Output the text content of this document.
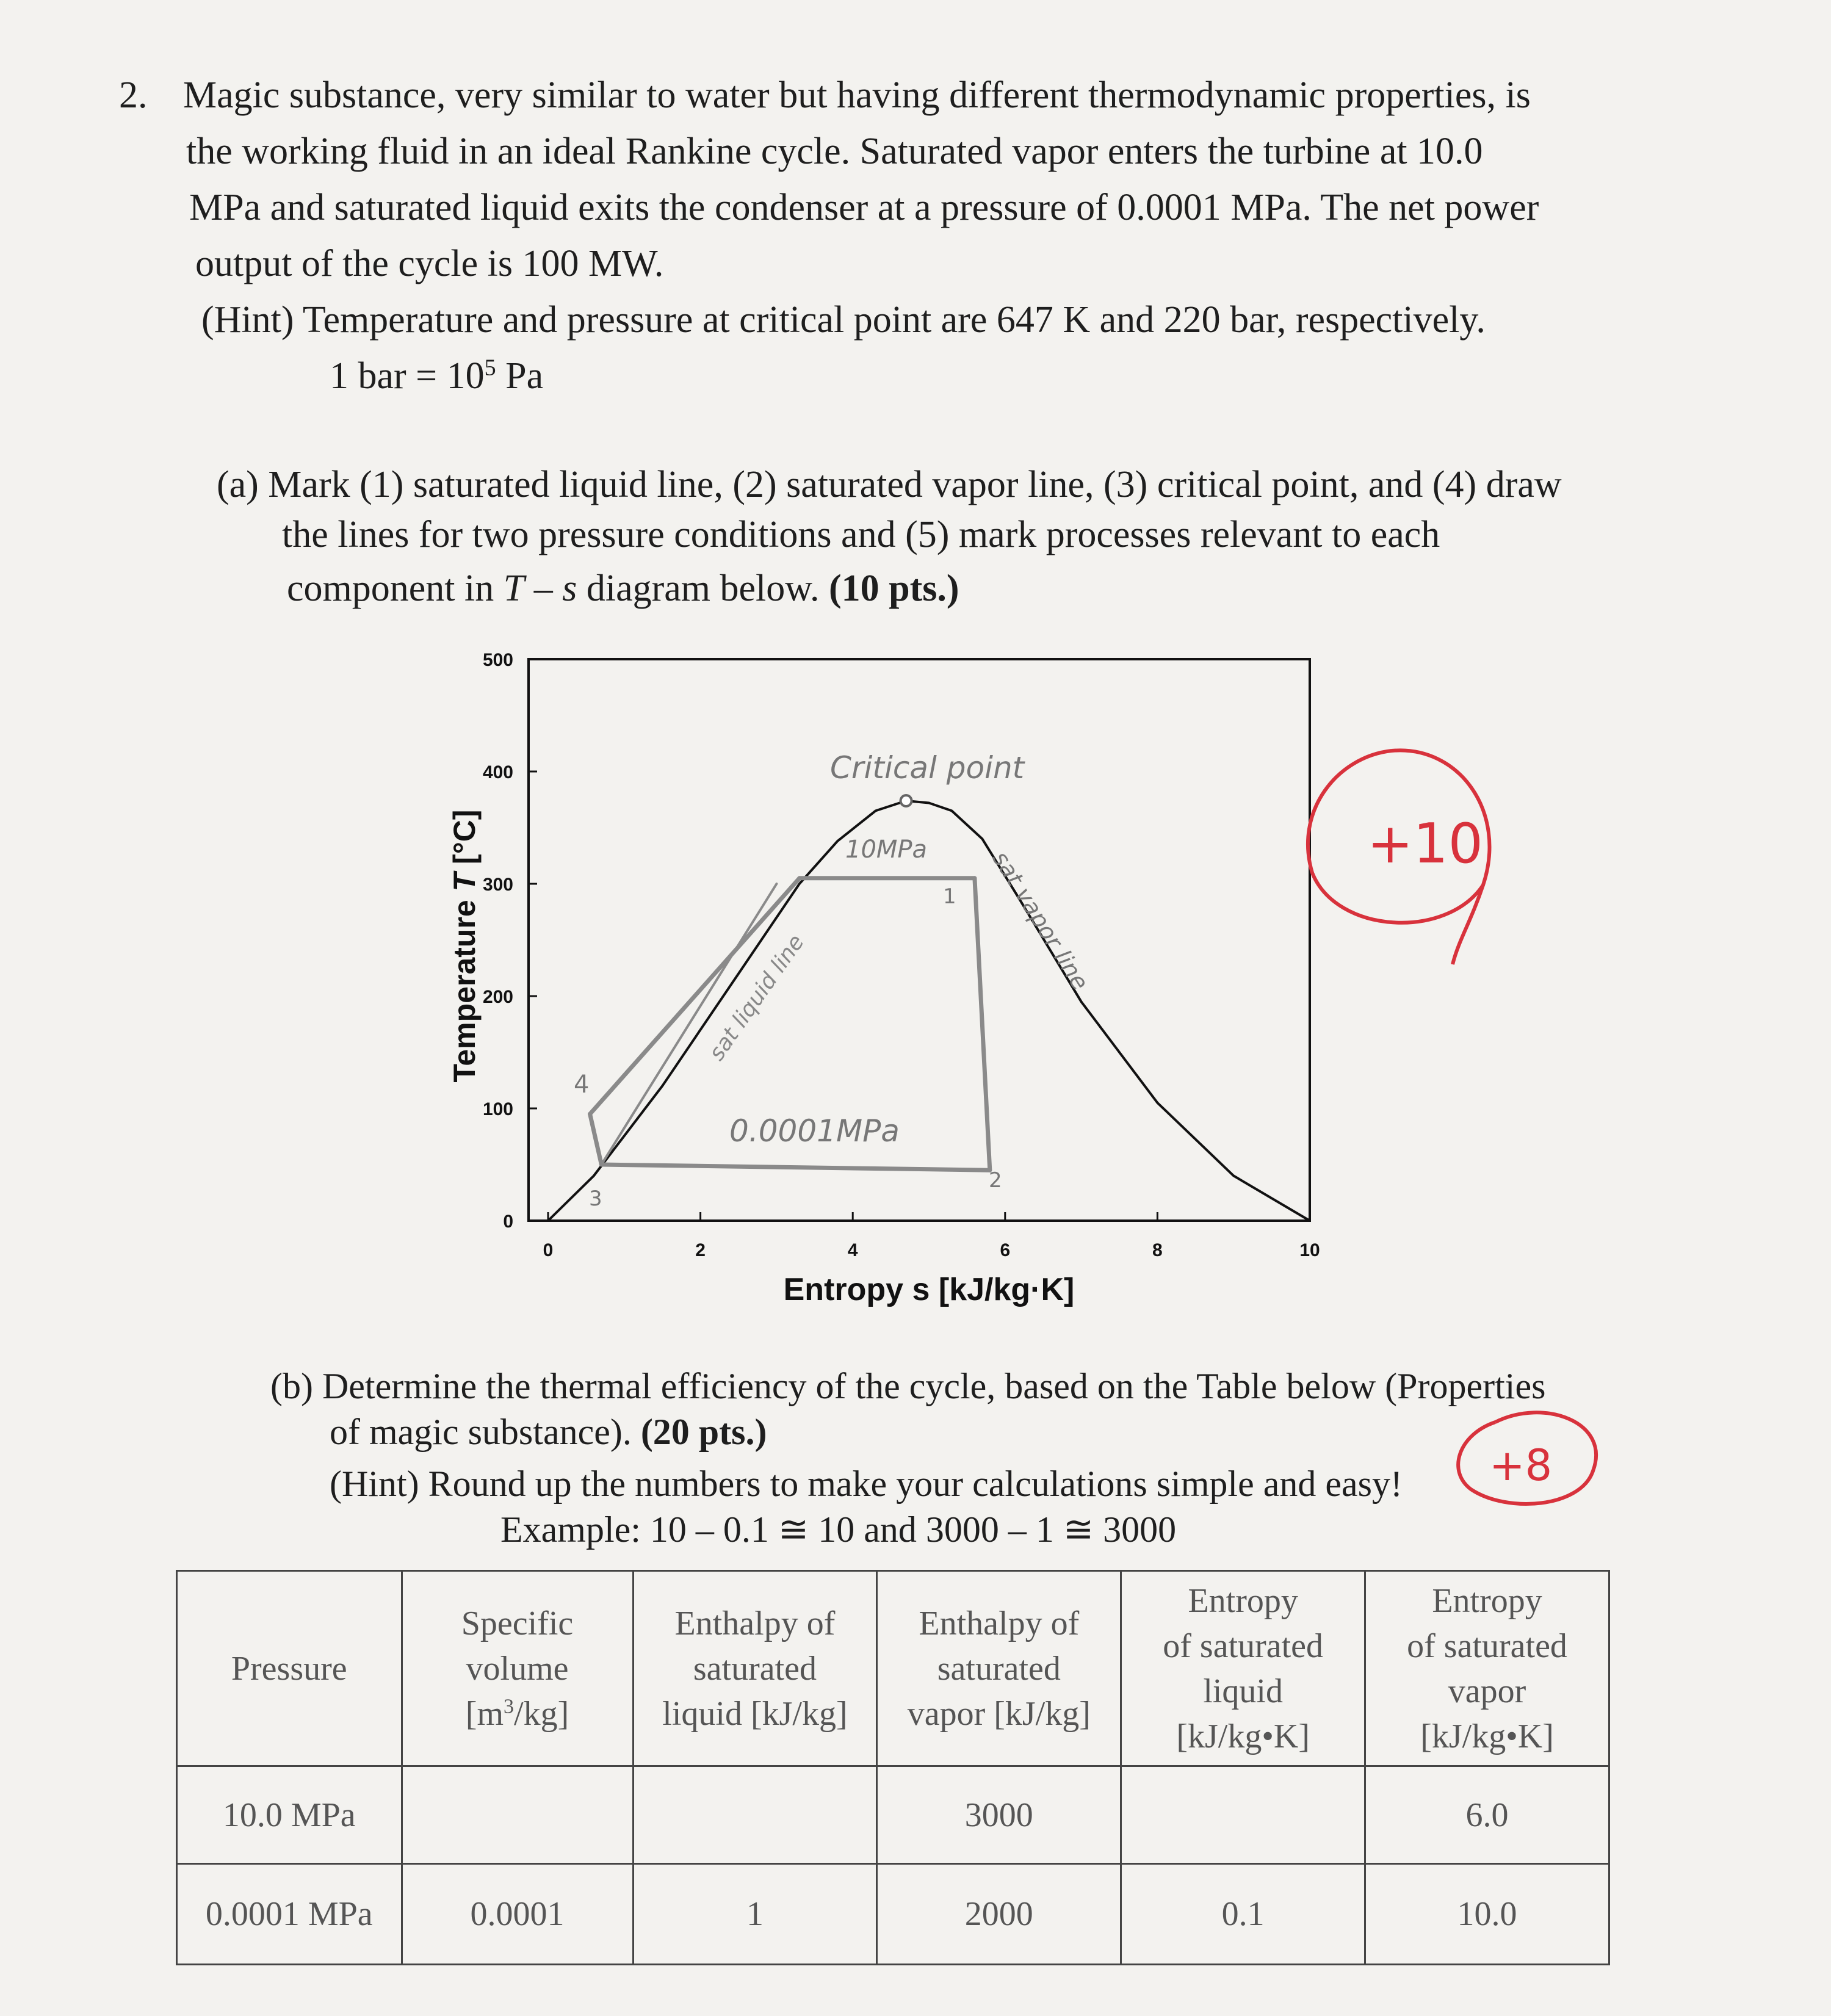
2. Magic substance, very similar to water but having different thermodynamic properties, is
the working fluid in an ideal Rankine cycle. Saturated vapor enters the turbine at 10.0
MPa and saturated liquid exits the condenser at a pressure of 0.0001 MPa. The net power
output of the cycle is 100 MW.
(Hint) Temperature and pressure at critical point are 647 K and 220 bar, respectively.
1 bar = $10^5$ Pa
(a) Mark (1) saturated liquid line, (2) saturated vapor line, (3) critical point, and (4) draw
the lines for two pressure conditions and (5) mark processes relevant to each
component in T – s diagram below. (10 pts.)
0	2	4	6	8	10
0
100
200
300
400
500
Temperature T [°C]
Entropy s [kJ/kg·K]
Critical point
10MPa
0.0001MPa
sat liquid line
sat vapor line
1
2
3
4
+10
+8
(b) Determine the thermal efficiency of the cycle, based on the Table below (Properties
of magic substance). (20 pts.)
(Hint) Round up the numbers to make your calculations simple and easy!
Example: 10 – 0.1 ≅ 10 and 3000 – 1 ≅ 3000
Pressure	Specific
volume
$[m^3/kg]$	Enthalpy of
saturated
liquid [kJ/kg]	Enthalpy of
saturated
vapor [kJ/kg]	Entropy
of saturated
liquid
[kJ/kg•K]	Entropy
of saturated
vapor
[kJ/kg•K]
10.0 MPa			3000		6.0
0.0001 MPa	0.0001	1	2000	0.1	10.0
